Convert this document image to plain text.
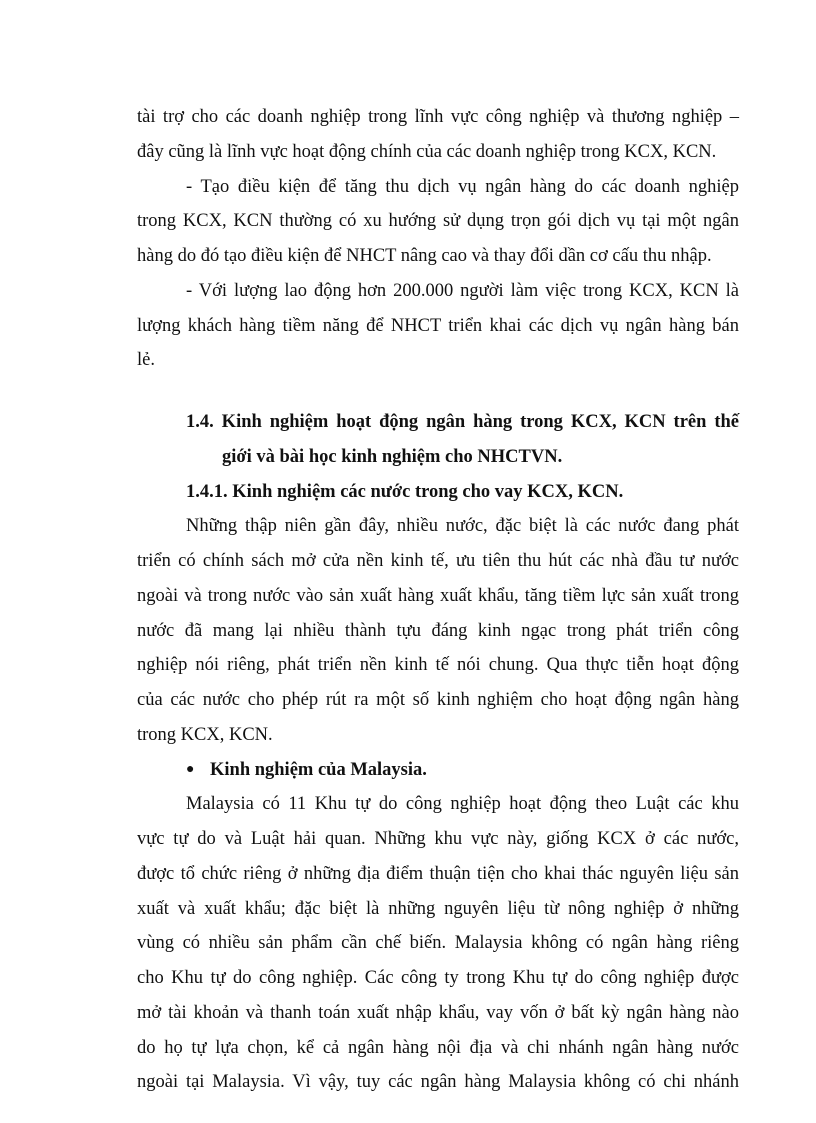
tài trợ cho các doanh nghiệp trong lĩnh vực công nghiệp và thương nghiệp –
đây cũng là lĩnh vực hoạt động chính của các doanh nghiệp trong KCX, KCN.
- Tạo điều kiện để tăng thu dịch vụ ngân hàng do các doanh nghiệp
trong KCX, KCN thường có xu hướng sử dụng trọn gói dịch vụ tại một ngân
hàng do đó tạo điều kiện để NHCT nâng cao và thay đổi dần cơ cấu thu nhập.
- Với lượng lao động hơn 200.000 người làm việc trong KCX, KCN là
lượng khách hàng tiềm năng để NHCT triển khai các dịch vụ ngân hàng bán
lẻ.
1.4. Kinh nghiệm hoạt động ngân hàng trong KCX, KCN trên thế
giới và bài học kinh nghiệm cho NHCTVN.
1.4.1. Kinh nghiệm các nước trong cho vay KCX, KCN.
Những thập niên gần đây, nhiều nước, đặc biệt là các nước đang phát
triển có chính sách mở cửa nền kinh tế, ưu tiên thu hút các nhà đầu tư nước
ngoài và trong nước vào sản xuất hàng xuất khẩu, tăng tiềm lực sản xuất trong
nước đã mang lại nhiều thành tựu đáng kinh ngạc trong phát triển công
nghiệp nói riêng, phát triển nền kinh tế nói chung. Qua thực tiễn hoạt động
của các nước cho phép rút ra một số kinh nghiệm cho hoạt động ngân hàng
trong KCX, KCN.
● Kinh nghiệm của Malaysia.
Malaysia có 11 Khu tự do công nghiệp hoạt động theo Luật các khu
vực tự do và Luật hải quan. Những khu vực này, giống KCX ở các nước,
được tổ chức riêng ở những địa điểm thuận tiện cho khai thác nguyên liệu sản
xuất và xuất khẩu; đặc biệt là những nguyên liệu từ nông nghiệp ở những
vùng có nhiều sản phẩm cần chế biến. Malaysia không có ngân hàng riêng
cho Khu tự do công nghiệp. Các công ty trong Khu tự do công nghiệp được
mở tài khoản và thanh toán xuất nhập khẩu, vay vốn ở bất kỳ ngân hàng nào
do họ tự lựa chọn, kể cả ngân hàng nội địa và chi nhánh ngân hàng nước
ngoài tại Malaysia. Vì vậy, tuy các ngân hàng Malaysia không có chi nhánh
